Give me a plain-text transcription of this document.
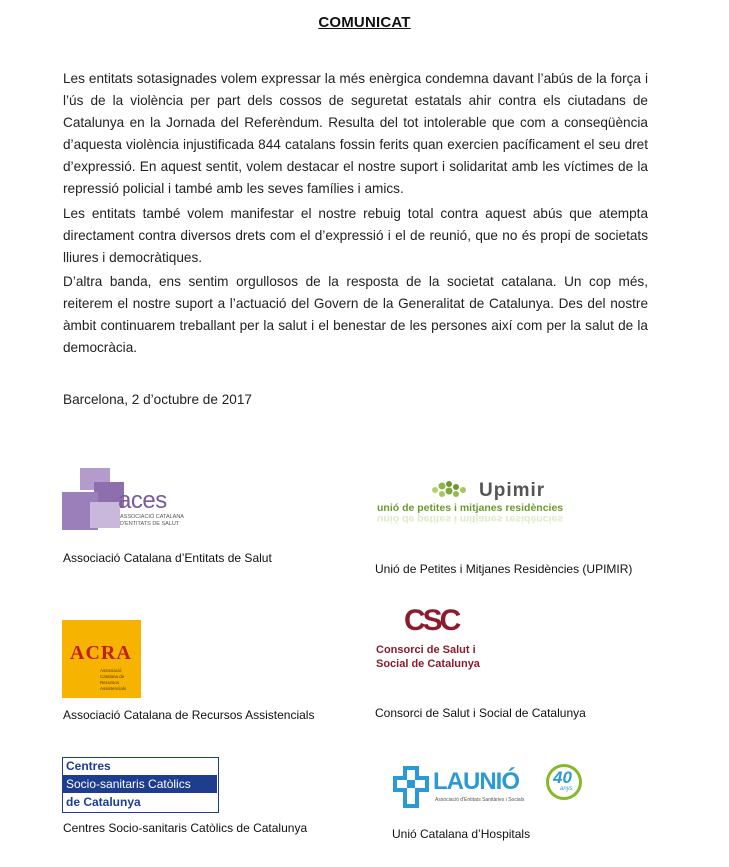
COMUNICAT
Les entitats sotasignades volem expressar la més enèrgica condemna davant l’abús de la força i l’ús de la violència per part dels cossos de seguretat estatals ahir contra els ciutadans de Catalunya en la Jornada del Referèndum. Resulta del tot intolerable que com a conseqüència d’aquesta violència injustificada 844 catalans fossin ferits quan exercien pacíficament el seu dret d’expressió. En aquest sentit, volem destacar el nostre suport i solidaritat amb les víctimes de la repressió policial i també amb les seves famílies i amics.
Les entitats també volem manifestar el nostre rebuig total contra aquest abús que atempta directament contra diversos drets com el d’expressió i el de reunió, que no és propi de societats lliures i democràtiques.
D’altra banda, ens sentim orgullosos de la resposta de la societat catalana. Un cop més, reiterem el nostre suport a l’actuació del Govern de la Generalitat de Catalunya. Des del nostre àmbit continuarem treballant per la salut i el benestar de les persones així com per la salut de la democràcia.
Barcelona, 2 d’octubre de 2017
aces
ASSOCIACIÓ CATALANA
D'ENTITATS DE SALUT
Associació Catalana d’Entitats de Salut
Upimir
unió de petites i mitjanes residències
unió de petites i mitjanes residències
Unió de Petites i Mitjanes Residències (UPIMIR)
ACRA
Associació
Catalana de
Recursos
Assistencials
Associació Catalana de Recursos Assistencials
CSC
Consorci de Salut i
Social de Catalunya
Consorci de Salut i Social de Catalunya
Centres
Socio-sanitaris Catòlics
de Catalunya
Centres Socio-sanitaris Catòlics de Catalunya
LAUNIÓ
Associació d'Entitats Sanitàries i Socials
40
anys
Unió Catalana d’Hospitals
